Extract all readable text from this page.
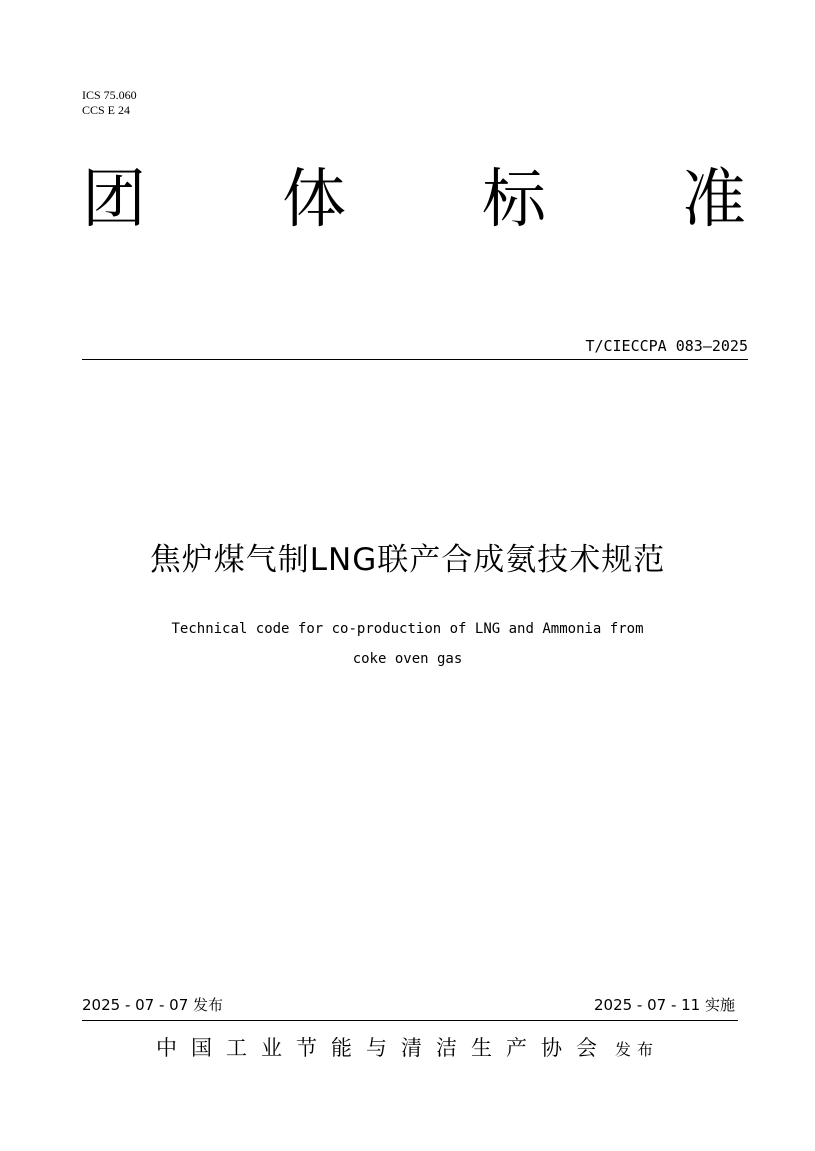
ICS 75.060
CCS E 24
团 体 标 准
T/CIECCPA 083—2025
焦炉煤气制LNG联产合成氨技术规范
Technical code for co-production of LNG and Ammonia from
coke oven gas
2025 - 07 - 07 发布	2025 - 07 - 11 实施
中国工业节能与清洁生产协会 发布
